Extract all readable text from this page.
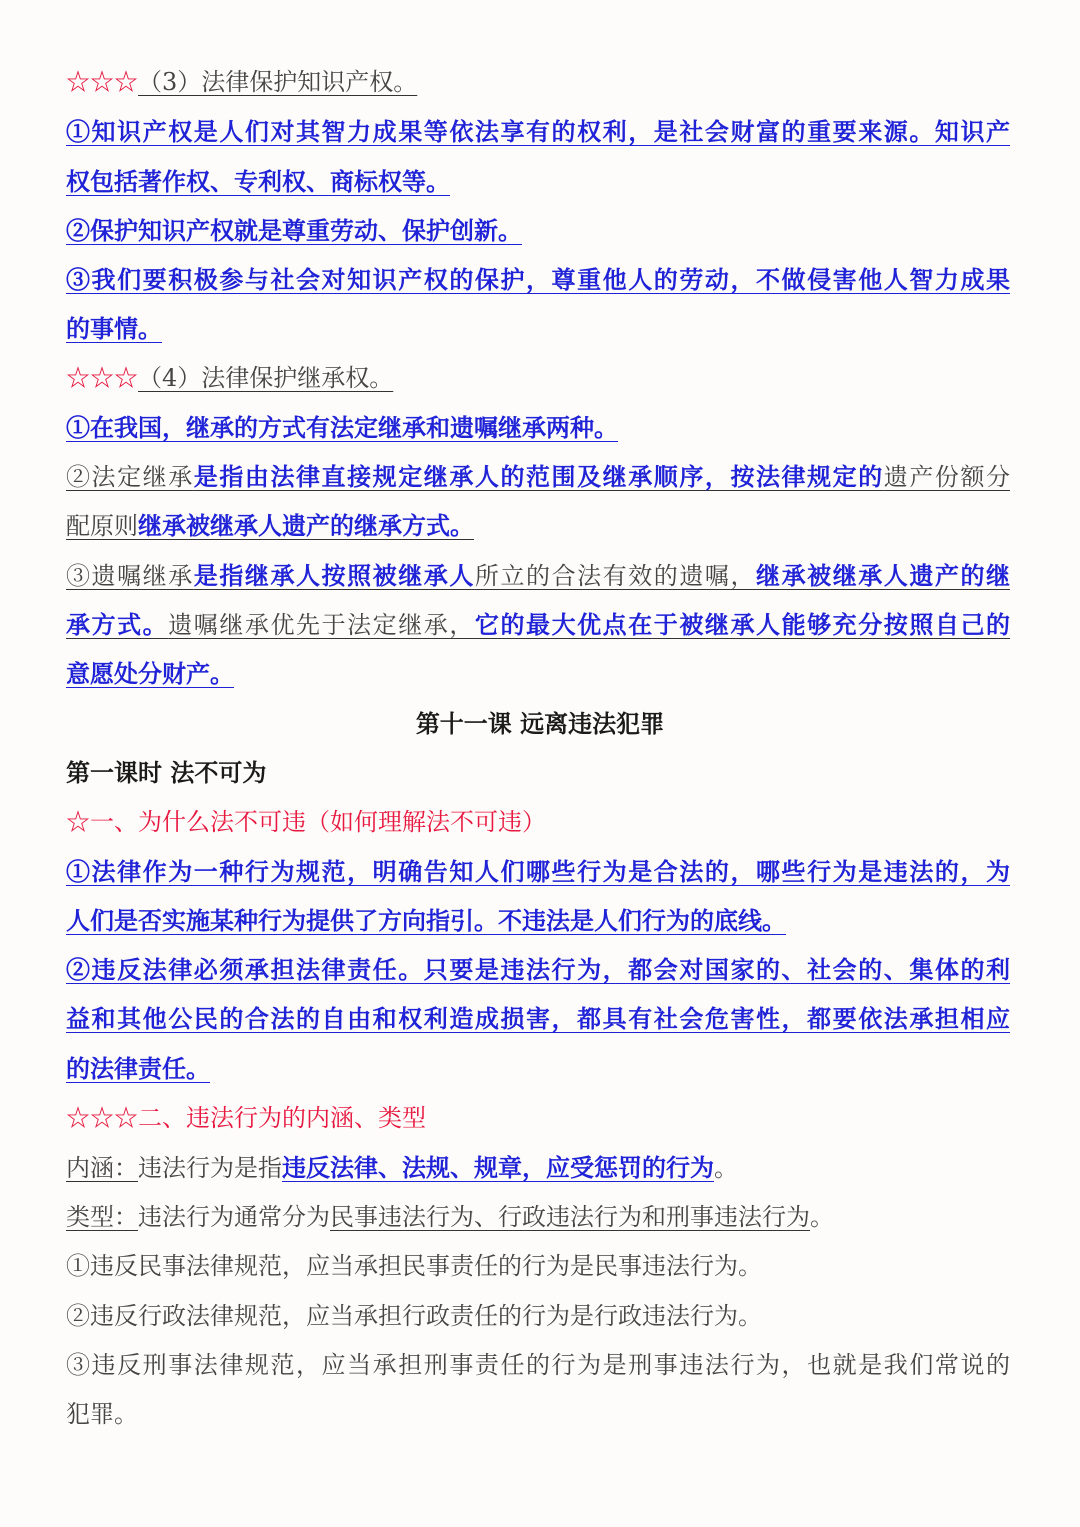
☆☆☆（3）法律保护知识产权。
①知识产权是人们对其智力成果等依法享有的权利，是社会财富的重要来源。知识产
权包括著作权、专利权、商标权等。
②保护知识产权就是尊重劳动、保护创新。
③我们要积极参与社会对知识产权的保护，尊重他人的劳动，不做侵害他人智力成果
的事情。
☆☆☆（4）法律保护继承权。
①在我国，继承的方式有法定继承和遗嘱继承两种。
②法定继承是指由法律直接规定继承人的范围及继承顺序，按法律规定的遗产份额分
配原则继承被继承人遗产的继承方式。
③遗嘱继承是指继承人按照被继承人所立的合法有效的遗嘱，继承被继承人遗产的继
承方式。遗嘱继承优先于法定继承，它的最大优点在于被继承人能够充分按照自己的
意愿处分财产。
第十一课 远离违法犯罪
第一课时 法不可为
☆一、为什么法不可违（如何理解法不可违）
①法律作为一种行为规范，明确告知人们哪些行为是合法的，哪些行为是违法的，为
人们是否实施某种行为提供了方向指引。不违法是人们行为的底线。
②违反法律必须承担法律责任。只要是违法行为，都会对国家的、社会的、集体的利
益和其他公民的合法的自由和权利造成损害，都具有社会危害性，都要依法承担相应
的法律责任。
☆☆☆二、违法行为的内涵、类型
内涵：违法行为是指违反法律、法规、规章，应受惩罚的行为。
类型：违法行为通常分为民事违法行为、行政违法行为和刑事违法行为。
①违反民事法律规范，应当承担民事责任的行为是民事违法行为。
②违反行政法律规范，应当承担行政责任的行为是行政违法行为。
③违反刑事法律规范，应当承担刑事责任的行为是刑事违法行为，也就是我们常说的
犯罪。
